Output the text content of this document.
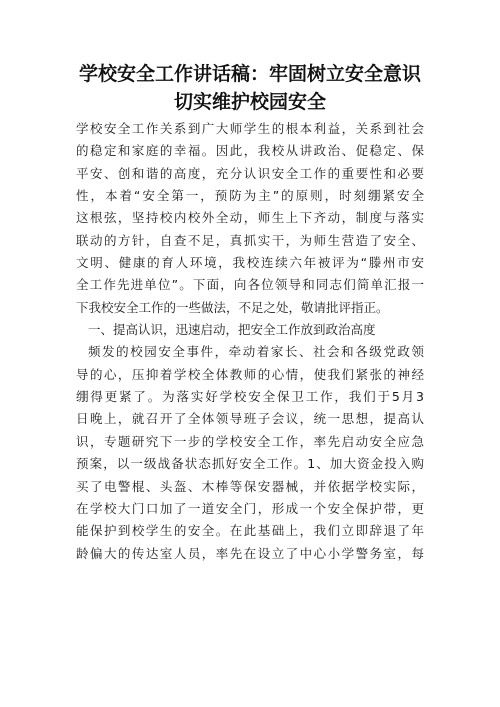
学校安全工作讲话稿：牢固树立安全意识
切实维护校园安全
学校安全工作关系到广大师学生的根本利益，关系到社会
的稳定和家庭的幸福。因此，我校从讲政治、促稳定、保
平安、创和谐的高度，充分认识安全工作的重要性和必要
性，本着“安全第一，预防为主”的原则，时刻绷紧安全
这根弦，坚持校内校外全动，师生上下齐动，制度与落实
联动的方针，自查不足，真抓实干，为师生营造了安全、
文明、健康的育人环境，我校连续六年被评为“滕州市安
全工作先进单位”。下面，向各位领导和同志们简单汇报一
下我校安全工作的一些做法，不足之处，敬请批评指正。
一、提高认识，迅速启动，把安全工作放到政治高度
频发的校园安全事件，牵动着家长、社会和各级党政领
导的心，压抑着学校全体教师的心情，使我们紧张的神经
绷得更紧了。为落实好学校安全保卫工作，我们于5月3
日晚上，就召开了全体领导班子会议，统一思想，提高认
识，专题研究下一步的学校安全工作，率先启动安全应急
预案，以一级战备状态抓好安全工作。1、加大资金投入购
买了电警棍、头盔、木棒等保安器械，并依据学校实际，
在学校大门口加了一道安全门，形成一个安全保护带，更
能保护到校学生的安全。在此基础上，我们立即辞退了年
龄偏大的传达室人员，率先在设立了中心小学警务室，每
